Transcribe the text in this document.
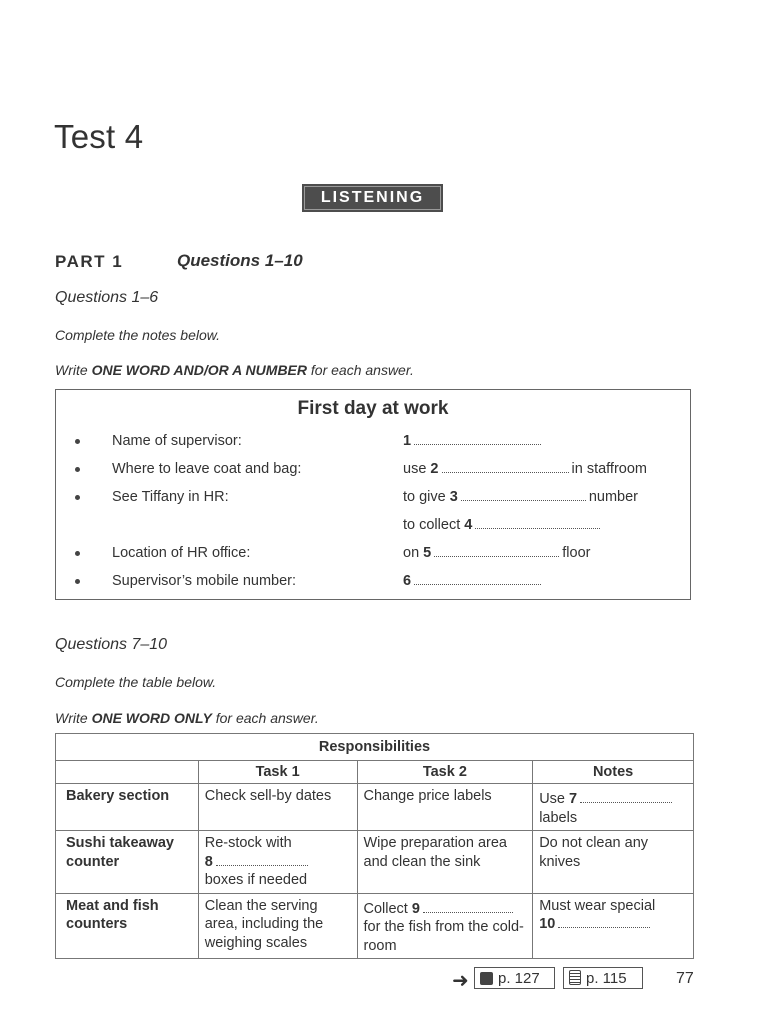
Test 4
LISTENING
PART 1	Questions 1–10
Questions 1–6
Complete the notes below.
Write ONE WORD AND/OR A NUMBER for each answer.
First day at work
Name of supervisor:	1
Where to leave coat and bag:	use 2	in staffroom
See Tiffany in HR:	to give 3	number
to collect 4
Location of HR office:	on 5	floor
Supervisor’s mobile number:	6
Questions 7–10
Complete the table below.
Write ONE WORD ONLY for each answer.
Responsibilities			
	Task 1	Task 2	Notes
Bakery section	Check sell-by dates	Change price labels	Use 7
labels
Sushi takeaway counter	Re-stock with
8
boxes if needed	Wipe preparation area and clean the sink	Do not clean any knives
Meat and fish counters	Clean the serving area, including the weighing scales	Collect 9
for the fish from the cold-room	Must wear special
10
➜	p. 127	p. 115	77
